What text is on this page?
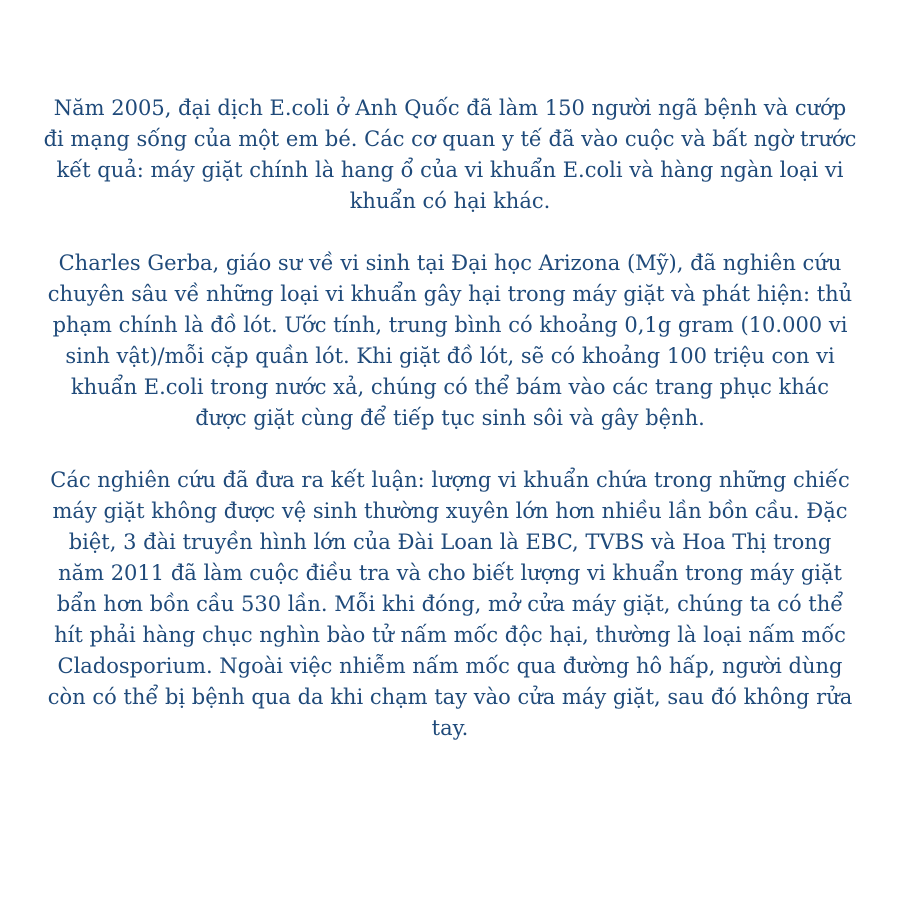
Năm 2005, đại dịch E.coli ở Anh Quốc đã làm 150 người ngã bệnh và cướp
đi mạng sống của một em bé. Các cơ quan y tế đã vào cuộc và bất ngờ trước
kết quả: máy giặt chính là hang ổ của vi khuẩn E.coli và hàng ngàn loại vi
khuẩn có hại khác.

Charles Gerba, giáo sư về vi sinh tại Đại học Arizona (Mỹ), đã nghiên cứu
chuyên sâu về những loại vi khuẩn gây hại trong máy giặt và phát hiện: thủ
phạm chính là đồ lót. Ước tính, trung bình có khoảng 0,1g gram (10.000 vi
sinh vật)/mỗi cặp quần lót. Khi giặt đồ lót, sẽ có khoảng 100 triệu con vi
khuẩn E.coli trong nước xả, chúng có thể bám vào các trang phục khác
được giặt cùng để tiếp tục sinh sôi và gây bệnh.

Các nghiên cứu đã đưa ra kết luận: lượng vi khuẩn chứa trong những chiếc
máy giặt không được vệ sinh thường xuyên lớn hơn nhiều lần bồn cầu. Đặc
biệt, 3 đài truyền hình lớn của Đài Loan là EBC, TVBS và Hoa Thị trong
năm 2011 đã làm cuộc điều tra và cho biết lượng vi khuẩn trong máy giặt
bẩn hơn bồn cầu 530 lần. Mỗi khi đóng, mở cửa máy giặt, chúng ta có thể
hít phải hàng chục nghìn bào tử nấm mốc độc hại, thường là loại nấm mốc
Cladosporium. Ngoài việc nhiễm nấm mốc qua đường hô hấp, người dùng
còn có thể bị bệnh qua da khi chạm tay vào cửa máy giặt, sau đó không rửa
tay.
